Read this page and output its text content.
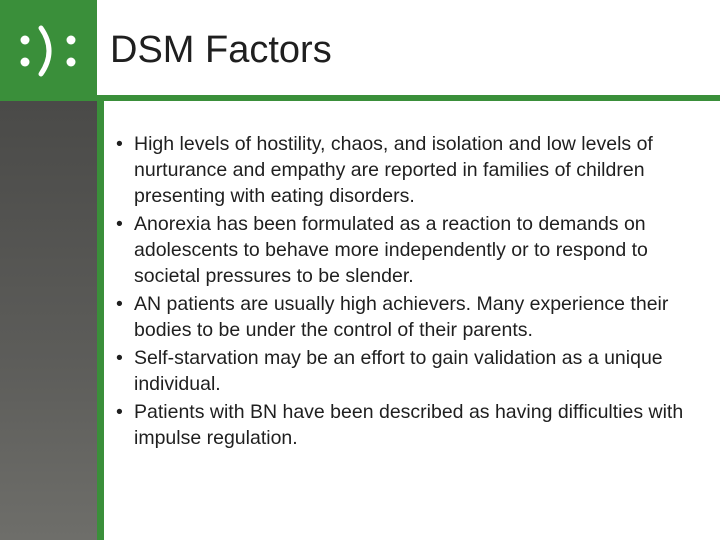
DSM Factors
• High levels of hostility, chaos, and isolation and low levels of nurturance and empathy are reported in families of children presenting with eating disorders.
• Anorexia has been formulated as a reaction to demands on adolescents to behave more independently or to respond to societal pressures to be slender.
• AN patients are usually high achievers. Many experience their bodies to be under the control of their parents.
• Self-starvation may be an effort to gain validation as a unique individual.
• Patients with BN have been described as having difficulties with impulse regulation.
